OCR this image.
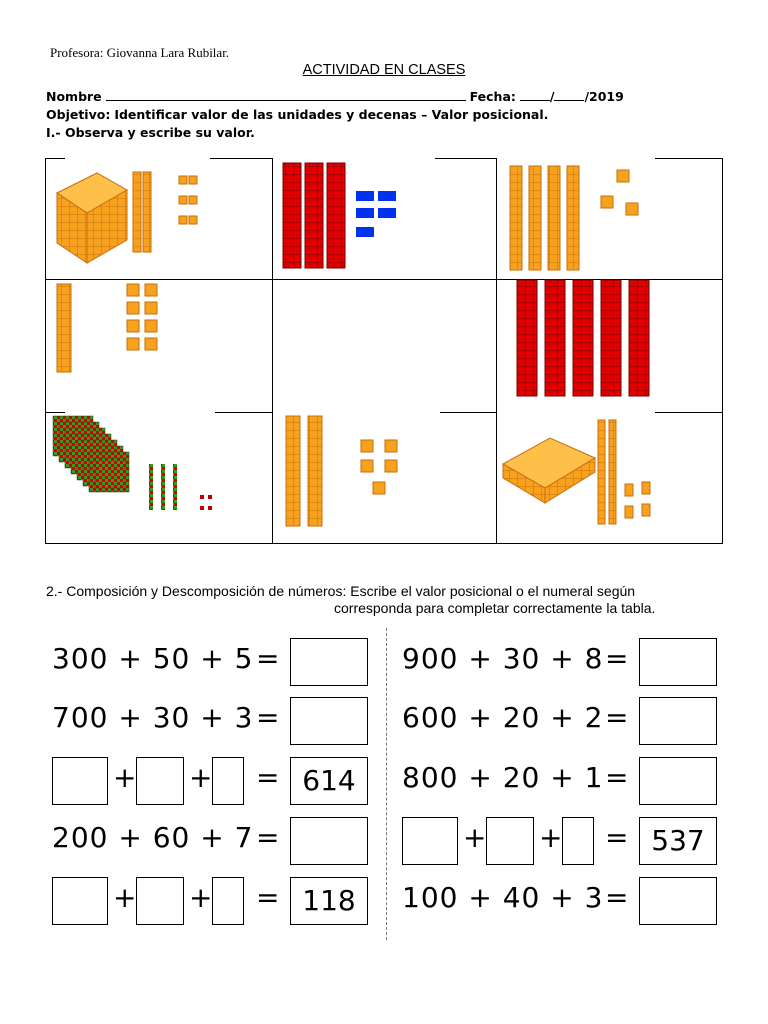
Profesora: Giovanna Lara Rubilar.
ACTIVIDAD EN CLASES
Nombre	Fecha:	/ /2019
Objetivo: Identificar valor de las unidades y decenas – Valor posicional.
I.- Observa y escribe su valor.
2.- Composición y Descomposición de números: Escribe el valor posicional o el numeral según
corresponda para completar correctamente la tabla.
300 + 50 + 5 =
700 + 30 + 3 =
+ + = 614
200 + 60 + 7 =
+ + = 118
900 + 30 + 8 =
600 + 20 + 2 =
800 + 20 + 1 =
+ + = 537
100 + 40 + 3 =
